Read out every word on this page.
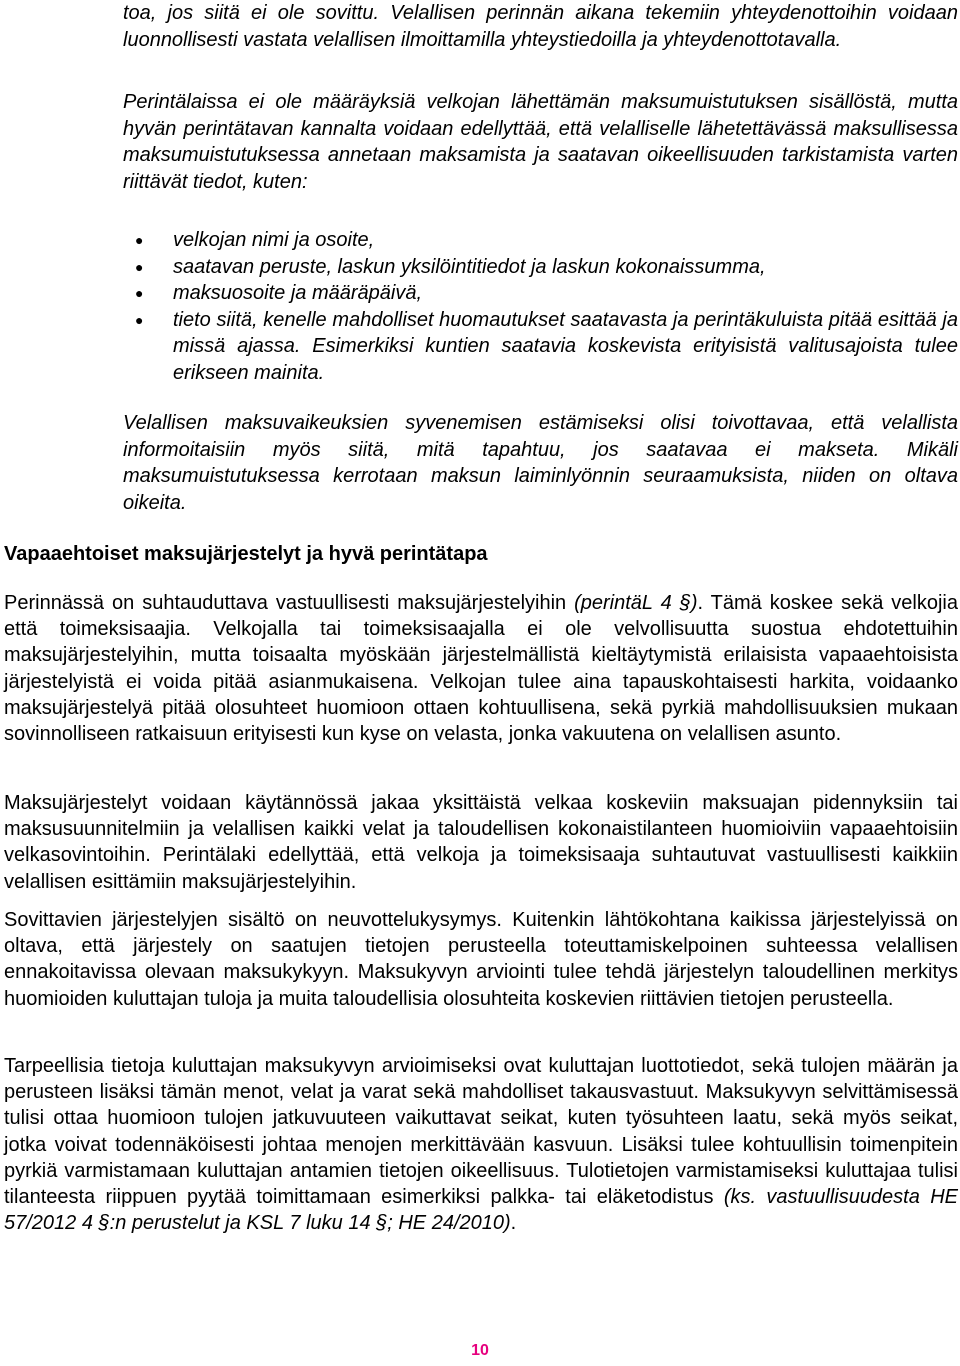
toa, jos siitä ei ole sovittu. Velallisen perinnän aikana tekemiin yhteydenottoihin voidaan luonnollisesti vastata velallisen ilmoittamilla yhteystiedoilla ja yhteydenottotavalla.

Perintälaissa ei ole määräyksiä velkojan lähettämän maksumuistutuksen sisällöstä, mutta hyvän perintätavan kannalta voidaan edellyttää, että velalliselle lähetettävässä maksullisessa maksumuistutuksessa annetaan maksamista ja saatavan oikeellisuuden tarkistamista varten riittävät tiedot, kuten:

● velkojan nimi ja osoite,
● saatavan peruste, laskun yksilöintitiedot ja laskun kokonaissumma,
● maksuosoite ja määräpäivä,
● tieto siitä, kenelle mahdolliset huomautukset saatavasta ja perintäkuluista pitää esittää ja missä ajassa. Esimerkiksi kuntien saatavia koskevista erityisistä valitusajoista tulee erikseen mainita.

Velallisen maksuvaikeuksien syvenemisen estämiseksi olisi toivottavaa, että velallista informoitaisiin myös siitä, mitä tapahtuu, jos saatavaa ei makseta. Mikäli maksumuistutuksessa kerrotaan maksun laiminlyönnin seuraamuksista, niiden on oltava oikeita.

Vapaaehtoiset maksujärjestelyt ja hyvä perintätapa

Perinnässä on suhtauduttava vastuullisesti maksujärjestelyihin (perintäL 4 §). Tämä koskee sekä velkojia että toimeksisaajia. Velkojalla tai toimeksisaajalla ei ole velvollisuutta suostua ehdotettuihin maksujärjestelyihin, mutta toisaalta myöskään järjestelmällistä kieltäytymistä erilaisista vapaaehtoisista järjestelyistä ei voida pitää asianmukaisena. Velkojan tulee aina tapauskohtaisesti harkita, voidaanko maksujärjestelyä pitää olosuhteet huomioon ottaen kohtuullisena, sekä pyrkiä mahdollisuuksien mukaan sovinnolliseen ratkaisuun erityisesti kun kyse on velasta, jonka vakuutena on velallisen asunto.

Maksujärjestelyt voidaan käytännössä jakaa yksittäistä velkaa koskeviin maksuajan pidennyksiin tai maksusuunnitelmiin ja velallisen kaikki velat ja taloudellisen kokonaistilanteen huomioiviin vapaaehtoisiin velkasovintoihin. Perintälaki edellyttää, että velkoja ja toimeksisaaja suhtautuvat vastuullisesti kaikkiin velallisen esittämiin maksujärjestelyihin.

Sovittavien järjestelyjen sisältö on neuvottelukysymys. Kuitenkin lähtökohtana kaikissa järjestelyissä on oltava, että järjestely on saatujen tietojen perusteella toteuttamiskelpoinen suhteessa velallisen ennakoitavissa olevaan maksukykyyn. Maksukyvyn arviointi tulee tehdä järjestelyn taloudellinen merkitys huomioiden kuluttajan tuloja ja muita taloudellisia olosuhteita koskevien riittävien tietojen perusteella.

Tarpeellisia tietoja kuluttajan maksukyvyn arvioimiseksi ovat kuluttajan luottotiedot, sekä tulojen määrän ja perusteen lisäksi tämän menot, velat ja varat sekä mahdolliset takausvastuut. Maksukyvyn selvittämisessä tulisi ottaa huomioon tulojen jatkuvuuteen vaikuttavat seikat, kuten työsuhteen laatu, sekä myös seikat, jotka voivat todennäköisesti johtaa menojen merkittävään kasvuun. Lisäksi tulee kohtuullisin toimenpitein pyrkiä varmistamaan kuluttajan antamien tietojen oikeellisuus. Tulotietojen varmistamiseksi kuluttajaa tulisi tilanteesta riippuen pyytää toimittamaan esimerkiksi palkka- tai eläketodistus (ks. vastuullisuudesta HE 57/2012 4 §:n perustelut ja KSL 7 luku 14 §; HE 24/2010).

10
